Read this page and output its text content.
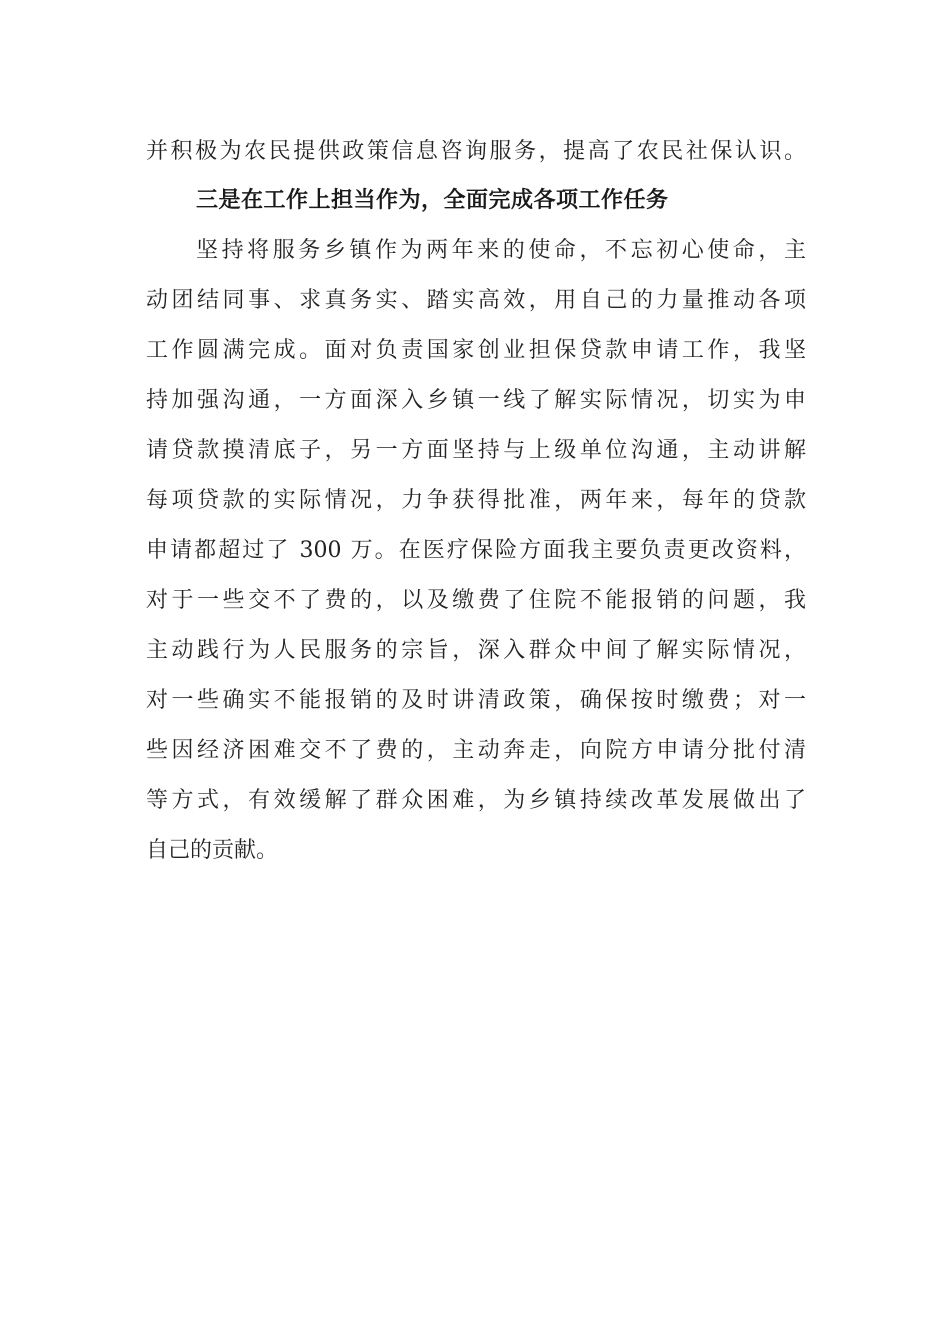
并积极为农民提供政策信息咨询服务，提高了农民社保认识。
三是在工作上担当作为，全面完成各项工作任务
坚持将服务乡镇作为两年来的使命，不忘初心使命，主
动团结同事、求真务实、踏实高效，用自己的力量推动各项
工作圆满完成。面对负责国家创业担保贷款申请工作，我坚
持加强沟通，一方面深入乡镇一线了解实际情况，切实为申
请贷款摸清底子，另一方面坚持与上级单位沟通，主动讲解
每项贷款的实际情况，力争获得批准，两年来，每年的贷款
申请都超过了 300 万。在医疗保险方面我主要负责更改资料，
对于一些交不了费的，以及缴费了住院不能报销的问题，我
主动践行为人民服务的宗旨，深入群众中间了解实际情况，
对一些确实不能报销的及时讲清政策，确保按时缴费；对一
些因经济困难交不了费的，主动奔走，向院方申请分批付清
等方式，有效缓解了群众困难，为乡镇持续改革发展做出了
自己的贡献。
